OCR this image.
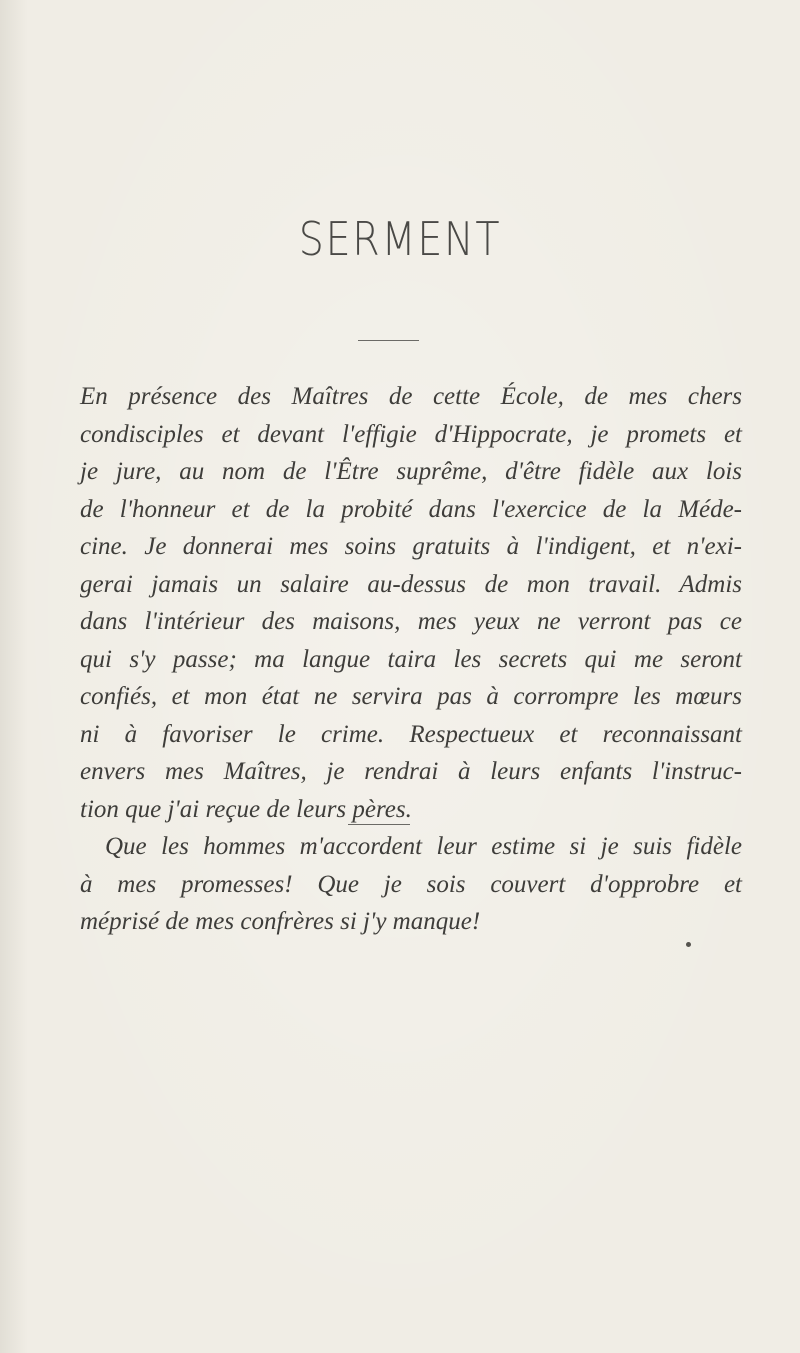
SERMENT
En présence des Maîtres de cette École, de mes chers
condisciples et devant l'effigie d'Hippocrate, je promets et
je jure, au nom de l'Être suprême, d'être fidèle aux lois
de l'honneur et de la probité dans l'exercice de la Méde-
cine. Je donnerai mes soins gratuits à l'indigent, et n'exi-
gerai jamais un salaire au-dessus de mon travail. Admis
dans l'intérieur des maisons, mes yeux ne verront pas ce
qui s'y passe; ma langue taira les secrets qui me seront
confiés, et mon état ne servira pas à corrompre les mœurs
ni à favoriser le crime. Respectueux et reconnaissant
envers mes Maîtres, je rendrai à leurs enfants l'instruc-
tion que j'ai reçue de leurs pères.
Que les hommes m'accordent leur estime si je suis fidèle
à mes promesses! Que je sois couvert d'opprobre et
méprisé de mes confrères si j'y manque!
